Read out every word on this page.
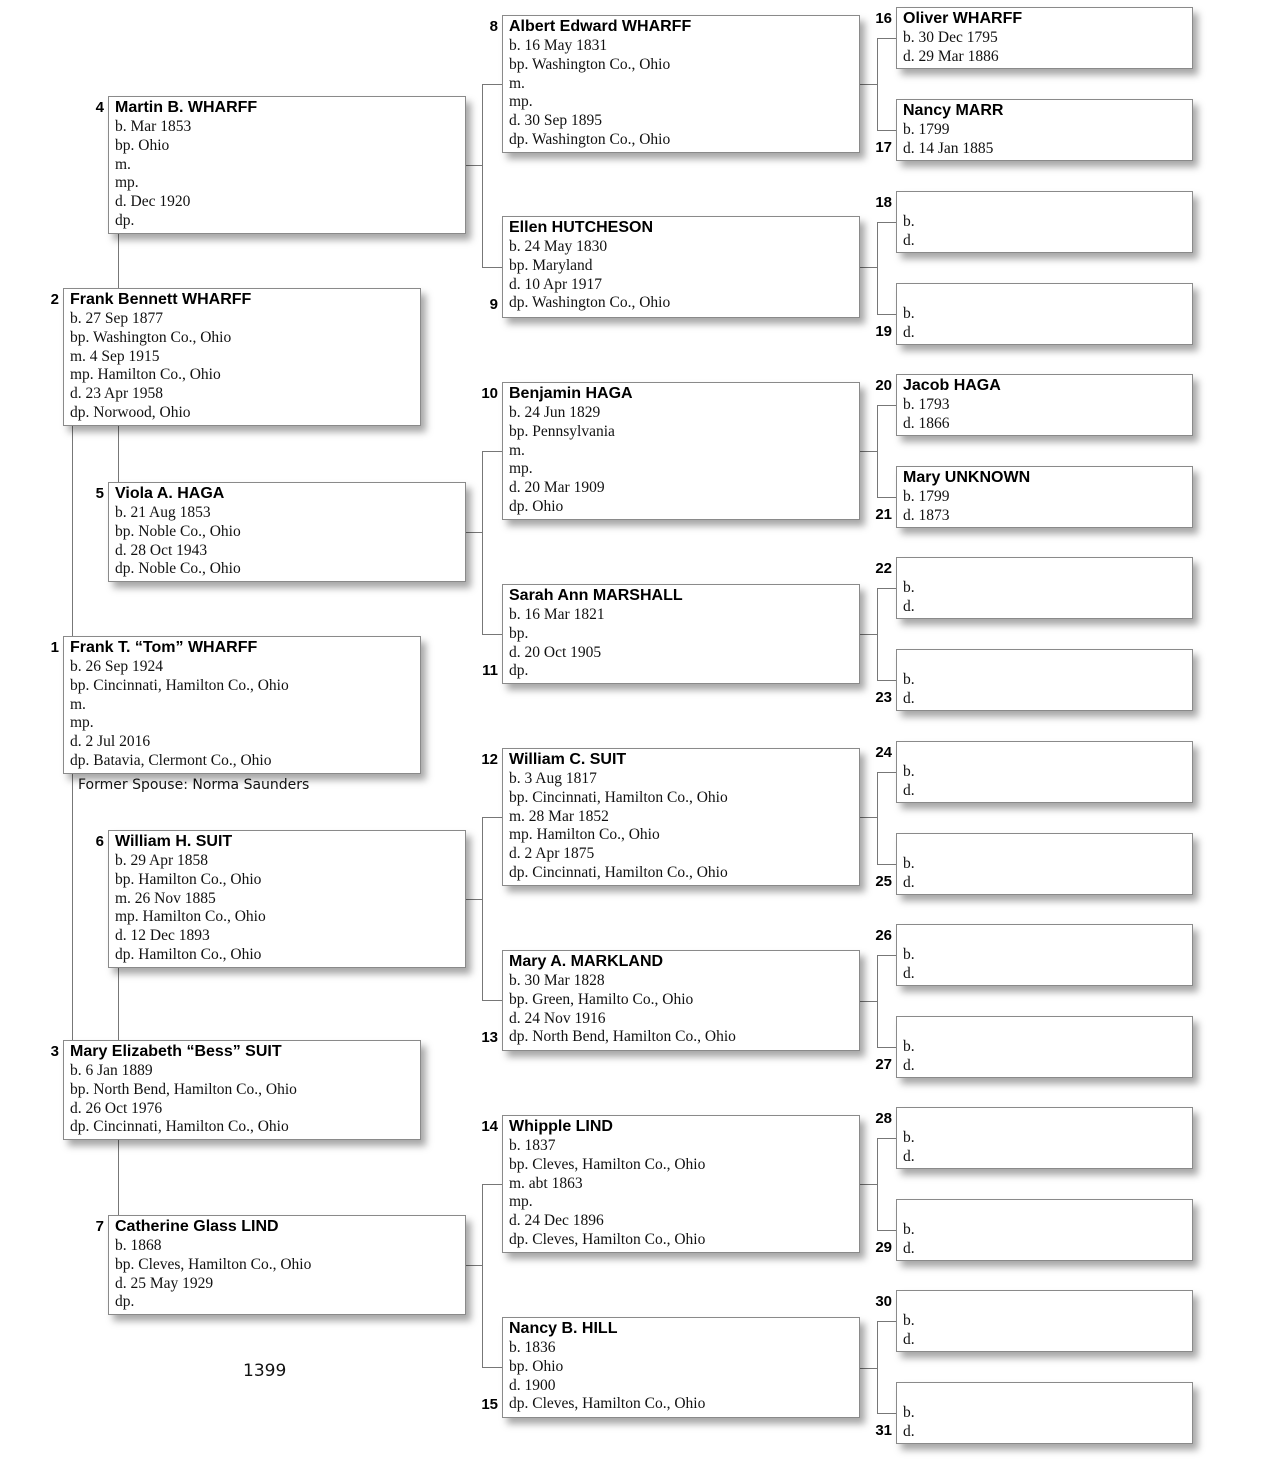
Frank T. “Tom” WHARFF
b. 26 Sep 1924
bp. Cincinnati, Hamilton Co., Ohio
m.
mp.
d. 2 Jul 2016
dp. Batavia, Clermont Co., Ohio
1
Frank Bennett WHARFF
b. 27 Sep 1877
bp. Washington Co., Ohio
m. 4 Sep 1915
mp. Hamilton Co., Ohio
d. 23 Apr 1958
dp. Norwood, Ohio
2
Mary Elizabeth “Bess” SUIT
b. 6 Jan 1889
bp. North Bend, Hamilton Co., Ohio
d. 26 Oct 1976
dp. Cincinnati, Hamilton Co., Ohio
3
Martin B. WHARFF
b. Mar 1853
bp. Ohio
m.
mp.
d. Dec 1920
dp.
4
Viola A. HAGA
b. 21 Aug 1853
bp. Noble Co., Ohio
d. 28 Oct 1943
dp. Noble Co., Ohio
5
William H. SUIT
b. 29 Apr 1858
bp. Hamilton Co., Ohio
m. 26 Nov 1885
mp. Hamilton Co., Ohio
d. 12 Dec 1893
dp. Hamilton Co., Ohio
6
Catherine Glass LIND
b. 1868
bp. Cleves, Hamilton Co., Ohio
d. 25 May 1929
dp.
7
Albert Edward WHARFF
b. 16 May 1831
bp. Washington Co., Ohio
m.
mp.
d. 30 Sep 1895
dp. Washington Co., Ohio
8
Ellen HUTCHESON
b. 24 May 1830
bp. Maryland
d. 10 Apr 1917
dp. Washington Co., Ohio
9
Benjamin HAGA
b. 24 Jun 1829
bp. Pennsylvania
m.
mp.
d. 20 Mar 1909
dp. Ohio
10
Sarah Ann MARSHALL
b. 16 Mar 1821
bp.
d. 20 Oct 1905
dp.
11
William C. SUIT
b. 3 Aug 1817
bp. Cincinnati, Hamilton Co., Ohio
m. 28 Mar 1852
mp. Hamilton Co., Ohio
d. 2 Apr 1875
dp. Cincinnati, Hamilton Co., Ohio
12
Mary A. MARKLAND
b. 30 Mar 1828
bp. Green, Hamilto Co., Ohio
d. 24 Nov 1916
dp. North Bend, Hamilton Co., Ohio
13
Whipple LIND
b. 1837
bp. Cleves, Hamilton Co., Ohio
m. abt 1863
mp.
d. 24 Dec 1896
dp. Cleves, Hamilton Co., Ohio
14
Nancy B. HILL
b. 1836
bp. Ohio
d. 1900
dp. Cleves, Hamilton Co., Ohio
15
Oliver WHARFF
b. 30 Dec 1795
d. 29 Mar 1886
16
Nancy MARR
b. 1799
d. 14 Jan 1885
17

b.
d.
18

b.
d.
19
Jacob HAGA
b. 1793
d. 1866
20
Mary UNKNOWN
b. 1799
d. 1873
21

b.
d.
22

b.
d.
23

b.
d.
24

b.
d.
25

b.
d.
26

b.
d.
27

b.
d.
28

b.
d.
29

b.
d.
30

b.
d.
31
Former Spouse: Norma Saunders
1399
